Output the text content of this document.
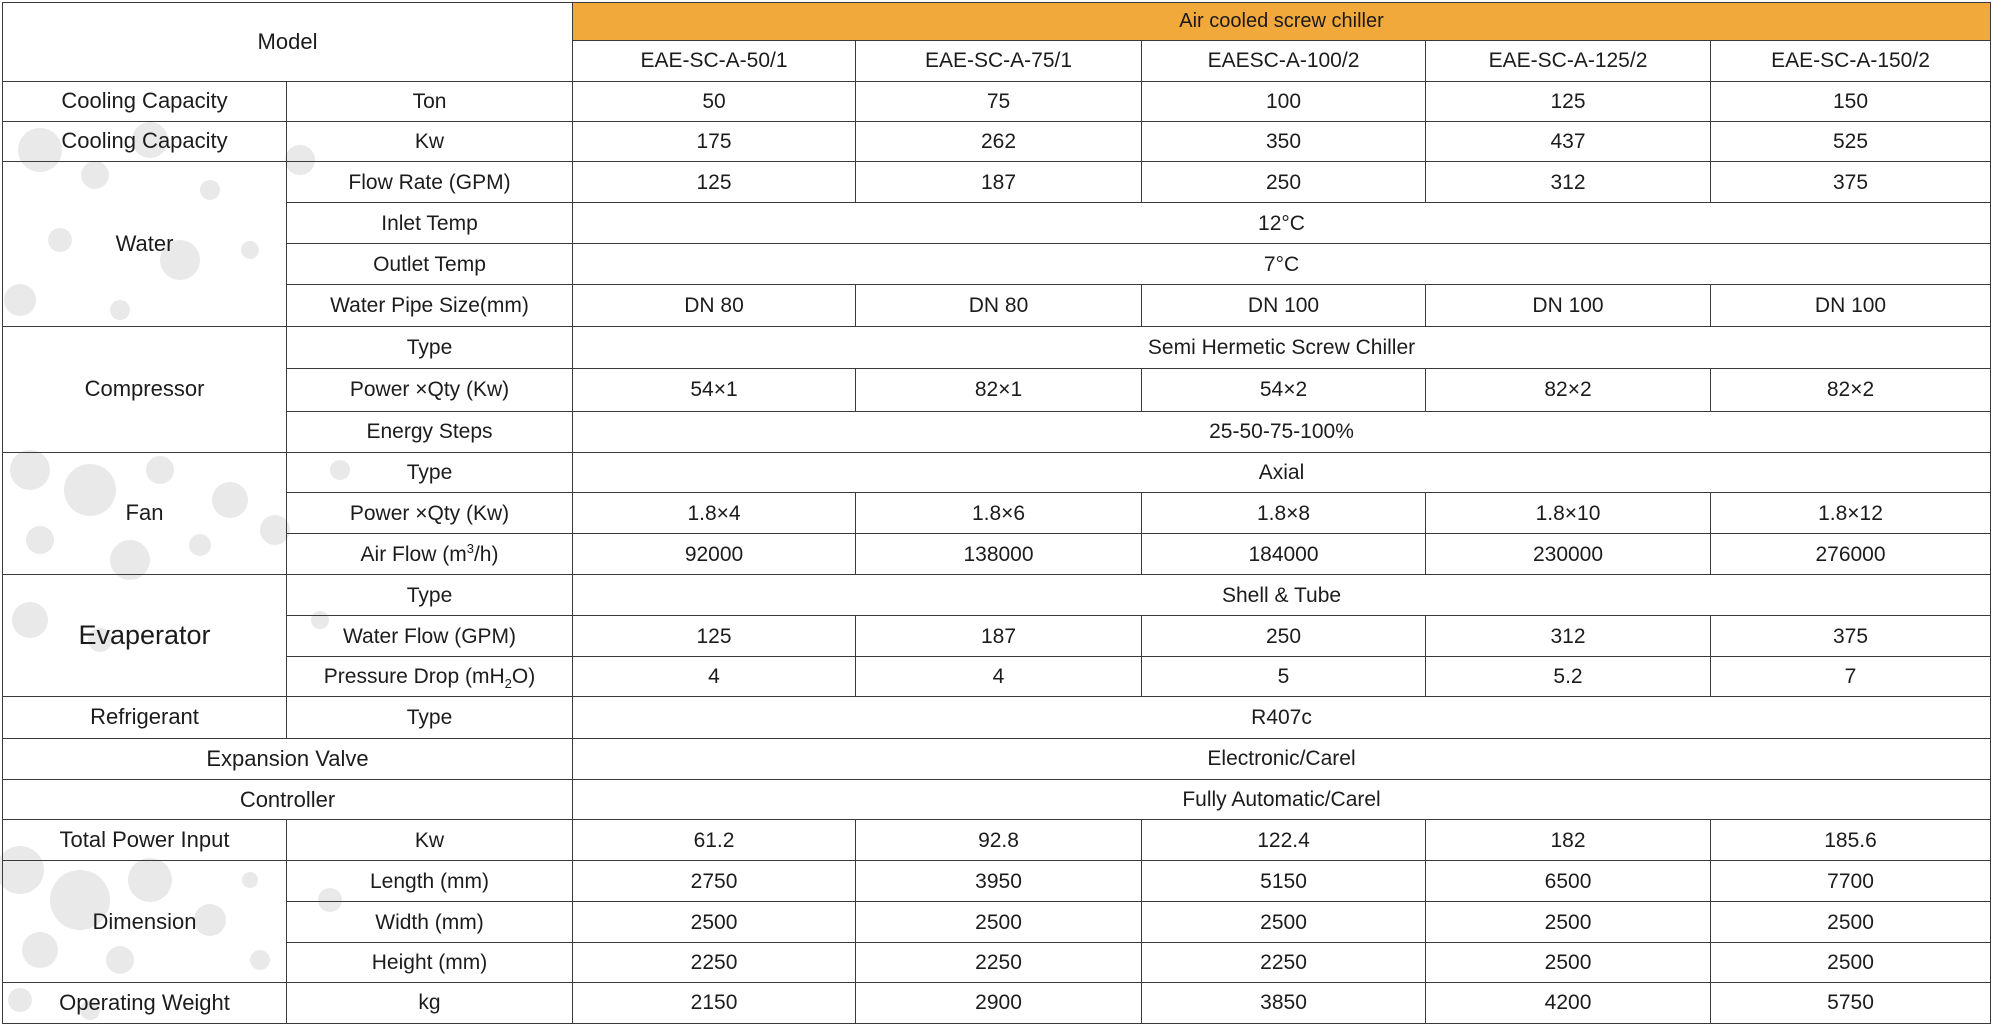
Model		Air cooled screw chiller				
		EAE-SC-A-50/1	EAE-SC-A-75/1	EAESC-A-100/2	EAE-SC-A-125/2	EAE-SC-A-150/2
Cooling Capacity	Ton	50	75	100	125	150
Cooling Capacity	Kw	175	262	350	437	525
Water	Flow Rate (GPM)	125	187	250	312	375
	Inlet Temp	12°C				
	Outlet Temp	7°C				
	Water Pipe Size(mm)	DN 80	DN 80	DN 100	DN 100	DN 100
Compressor	Type	Semi Hermetic Screw Chiller				
	Power ×Qty (Kw)	54×1	82×1	54×2	82×2	82×2
	Energy Steps	25-50-75-100%				
Fan	Type	Axial				
	Power ×Qty (Kw)	1.8×4	1.8×6	1.8×8	1.8×10	1.8×12
	Air Flow $(m^3/h)$	92000	138000	184000	230000	276000
Evaperator	Type	Shell & Tube				
	Water Flow (GPM)	125	187	250	312	375
	Pressure Drop $(mH_2O)$	4	4	5	5.2	7
Refrigerant	Type	R407c				
Expansion Valve		Electronic/Carel				
Controller		Fully Automatic/Carel				
Total Power Input	Kw	61.2	92.8	122.4	182	185.6
Dimension	Length (mm)	2750	3950	5150	6500	7700
	Width (mm)	2500	2500	2500	2500	2500
	Height (mm)	2250	2250	2250	2500	2500
Operating Weight	kg	2150	2900	3850	4200	5750
